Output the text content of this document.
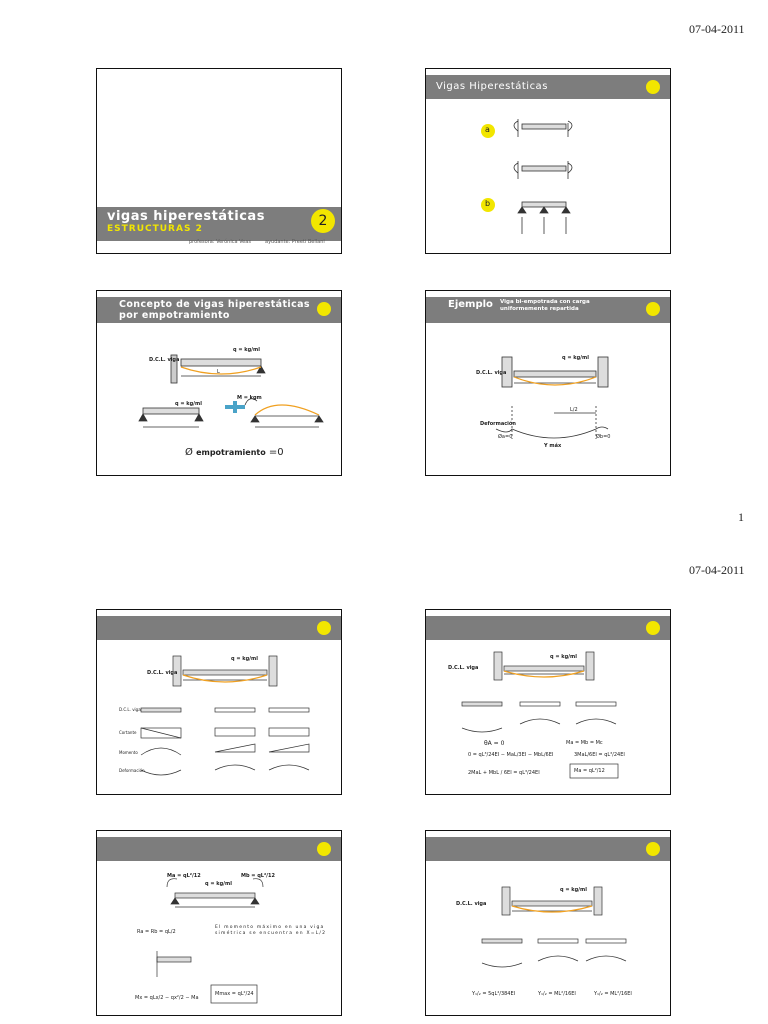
07-04-2011
1
07-04-2011
vigas hiperestáticas
ESTRUCTURAS 2	2
profesora: Verónica Veas	ayudante: Preeti Bellani
Vigas Hiperestáticas
a
b
Concepto de vigas hiperestáticas por empotramiento
D.C.L. viga
q = kg/ml
q = kg/ml
M = kgm
L
Ø empotramiento =0
$^{Ejemplo}$ Viga bi-empotrada con carga uniformemente repartida
D.C.L. viga
q = kg/ml
Deformación
L/2
Øa=0	Øb=0
Y máx
D.C.L. viga
q = kg/ml
D.C.L. viga
Cortante
Momento
Deformación
D.C.L. viga
q = kg/ml
θA = 0	Ma = Mb = Mc
0 = qL³/24EI − MaL/3EI − MbL/6EI	3MaL/6EI = qL³/24EI
2MaL + MbL / 6EI = qL³/24EI	Ma = qL²/12
Ma = qL²/12	Mb = qL²/12
q = kg/ml
Ra = Rb = qL/2
El momento máximo en una viga simétrica se encuentra en X=L/2
Mmax = qL²/24
Mx = qLx/2 − qx²/2 − Ma
D.C.L. viga
q = kg/ml
Y₁/₂ = 5qL⁴/384EI	Y₁/₂ = ML²/16EI	Y₁/₂ = ML²/16EI
